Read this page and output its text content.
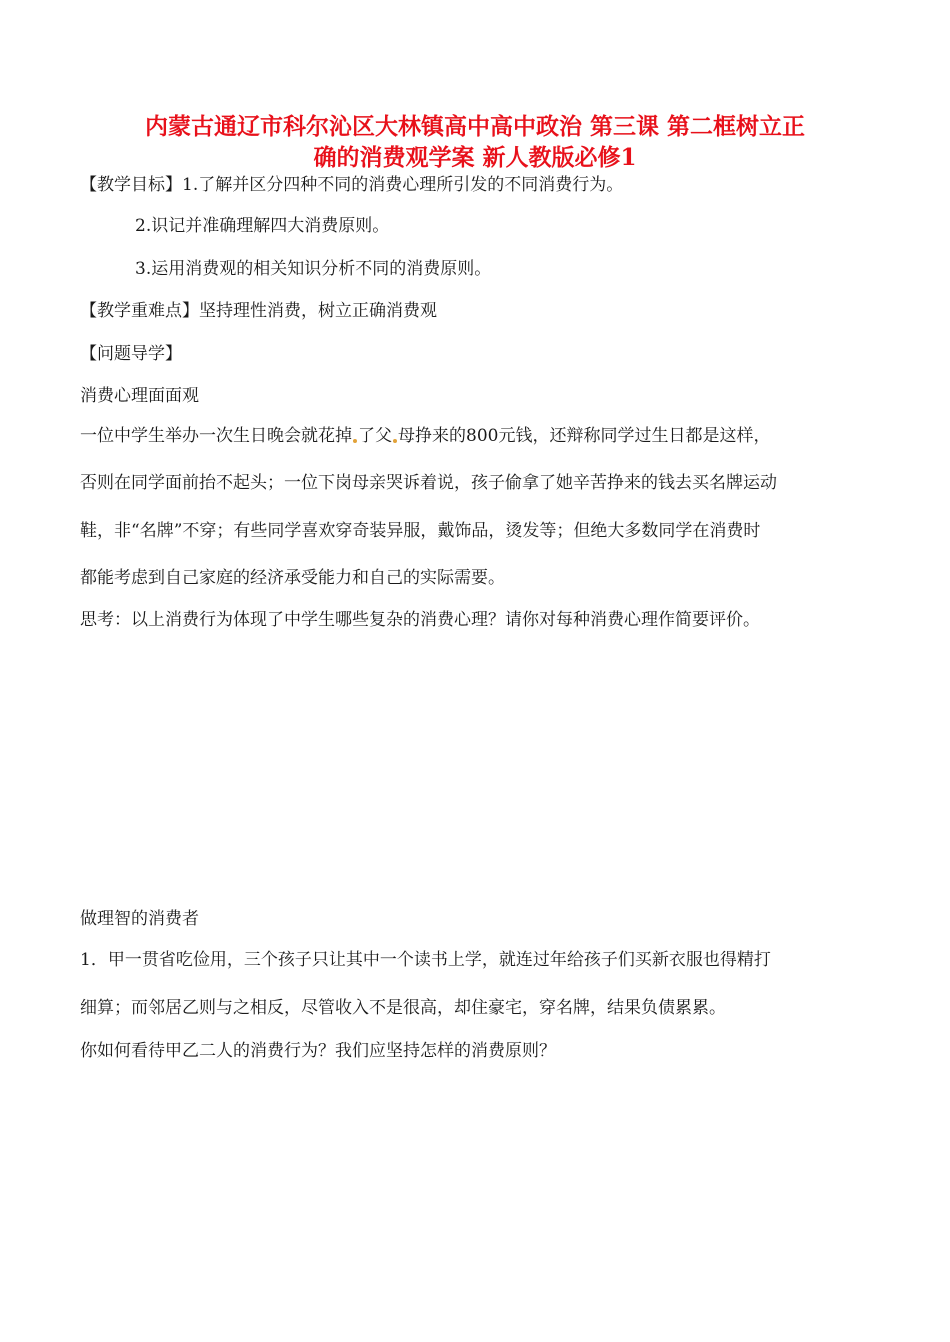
内蒙古通辽市科尔沁区大林镇高中高中政治 第三课 第二框树立正
确的消费观学案 新人教版必修1

【教学目标】1.了解并区分四种不同的消费心理所引发的不同消费行为。

2.识记并准确理解四大消费原则。

3.运用消费观的相关知识分析不同的消费原则。

【教学重难点】坚持理性消费，树立正确消费观

【问题导学】

消费心理面面观

一位中学生举办一次生日晚会就花掉 了父 母挣来的800元钱，还辩称同学过生日都是这样，

否则在同学面前抬不起头；一位下岗母亲哭诉着说，孩子偷拿了她辛苦挣来的钱去买名牌运动

鞋，非“名牌”不穿；有些同学喜欢穿奇装异服，戴饰品，烫发等；但绝大多数同学在消费时

都能考虑到自己家庭的经济承受能力和自己的实际需要。

思考：以上消费行为体现了中学生哪些复杂的消费心理？请你对每种消费心理作简要评价。

做理智的消费者

1．甲一贯省吃俭用，三个孩子只让其中一个读书上学，就连过年给孩子们买新衣服也得精打

细算；而邻居乙则与之相反，尽管收入不是很高，却住豪宅，穿名牌，结果负债累累。

你如何看待甲乙二人的消费行为？我们应坚持怎样的消费原则？
